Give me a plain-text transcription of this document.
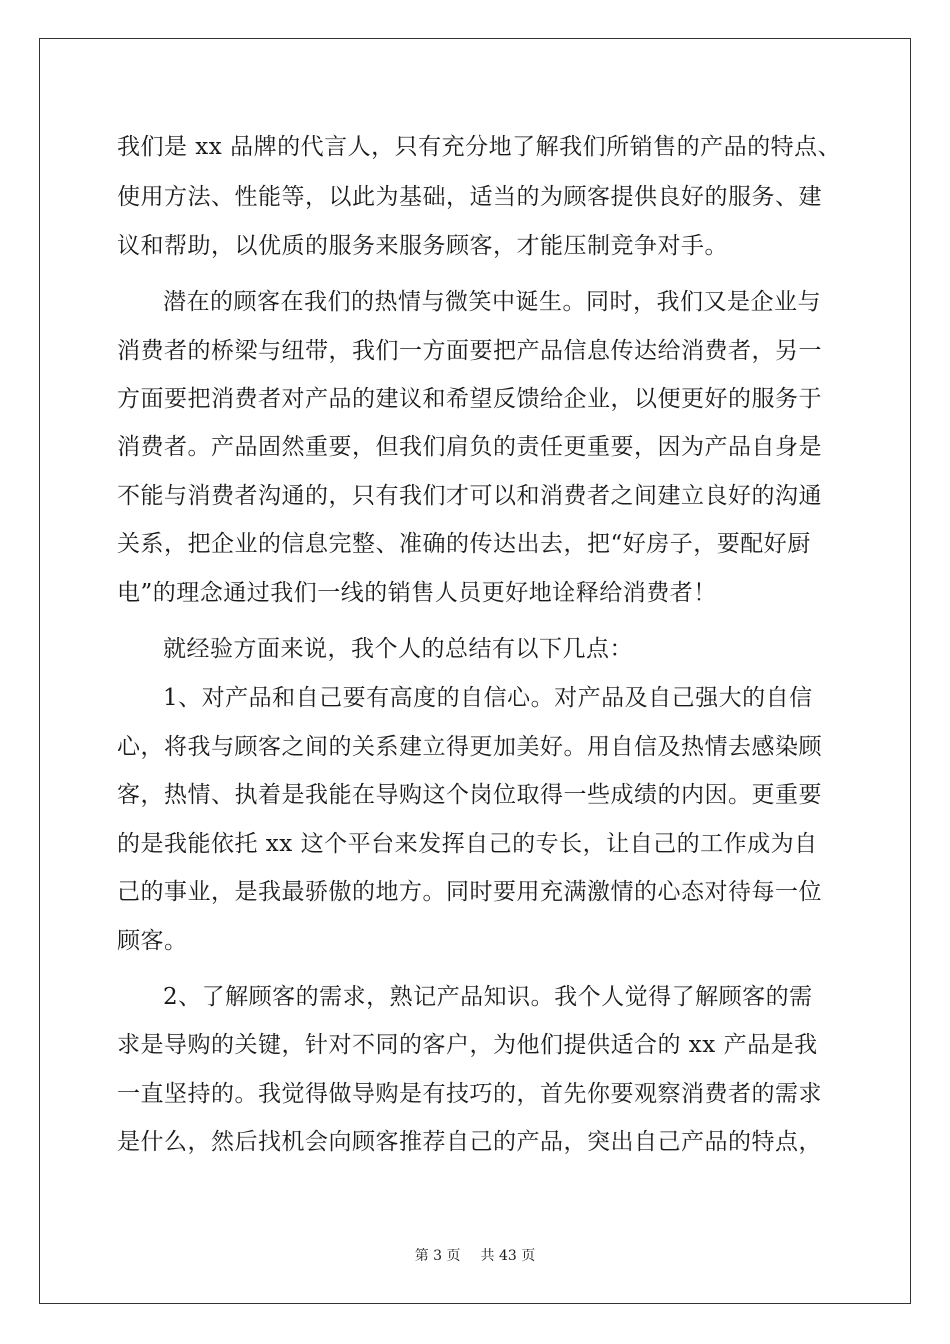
我们是 xx 品牌的代言人，只有充分地了解我们所销售的产品的特点、
使用方法、性能等，以此为基础，适当的为顾客提供良好的服务、建
议和帮助，以优质的服务来服务顾客，才能压制竞争对手。
潜在的顾客在我们的热情与微笑中诞生。同时，我们又是企业与
消费者的桥梁与纽带，我们一方面要把产品信息传达给消费者，另一
方面要把消费者对产品的建议和希望反馈给企业，以便更好的服务于
消费者。产品固然重要，但我们肩负的责任更重要，因为产品自身是
不能与消费者沟通的，只有我们才可以和消费者之间建立良好的沟通
关系，把企业的信息完整、准确的传达出去，把“好房子，要配好厨
电”的理念通过我们一线的销售人员更好地诠释给消费者！
就经验方面来说，我个人的总结有以下几点：
1、对产品和自己要有高度的自信心。对产品及自己强大的自信
心，将我与顾客之间的关系建立得更加美好。用自信及热情去感染顾
客，热情、执着是我能在导购这个岗位取得一些成绩的内因。更重要
的是我能依托 xx 这个平台来发挥自己的专长，让自己的工作成为自
己的事业，是我最骄傲的地方。同时要用充满激情的心态对待每一位
顾客。
2、了解顾客的需求，熟记产品知识。我个人觉得了解顾客的需
求是导购的关键，针对不同的客户，为他们提供适合的 xx 产品是我
一直坚持的。我觉得做导购是有技巧的，首先你要观察消费者的需求
是什么，然后找机会向顾客推荐自己的产品，突出自己产品的特点，
第 3 页 共 43 页
